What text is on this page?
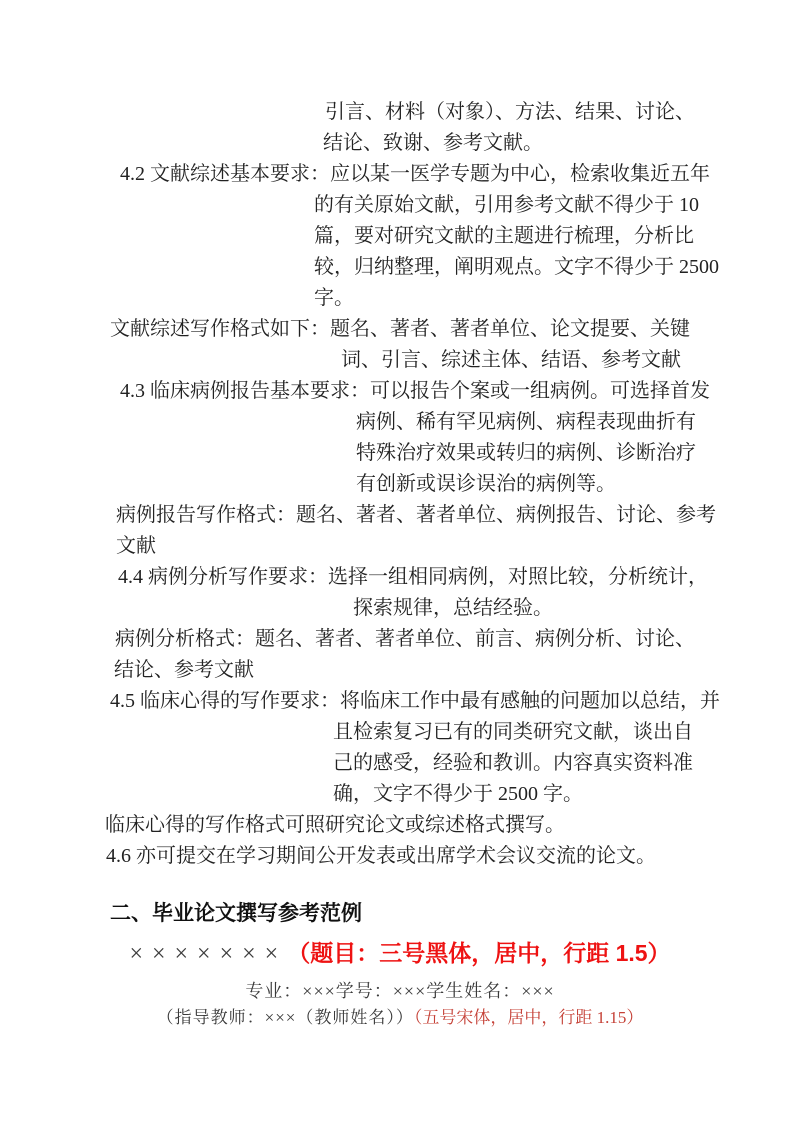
引言、材料（对象）、方法、结果、讨论、
结论、致谢、参考文献。
4.2 文献综述基本要求：应以某一医学专题为中心，检索收集近五年
的有关原始文献，引用参考文献不得少于 10
篇，要对研究文献的主题进行梳理，分析比
较，归纳整理，阐明观点。文字不得少于 2500
字。
文献综述写作格式如下：题名、著者、著者单位、论文提要、关键
词、引言、综述主体、结语、参考文献
4.3 临床病例报告基本要求：可以报告个案或一组病例。可选择首发
病例、稀有罕见病例、病程表现曲折有
特殊治疗效果或转归的病例、诊断治疗
有创新或误诊误治的病例等。
病例报告写作格式：题名、著者、著者单位、病例报告、讨论、参考
文献
4.4 病例分析写作要求：选择一组相同病例，对照比较，分析统计，
探索规律，总结经验。
病例分析格式：题名、著者、著者单位、前言、病例分析、讨论、
结论、参考文献
4.5 临床心得的写作要求：将临床工作中最有感触的问题加以总结，并
且检索复习已有的同类研究文献，谈出自
己的感受，经验和教训。内容真实资料准
确，文字不得少于 2500 字。
临床心得的写作格式可照研究论文或综述格式撰写。
4.6 亦可提交在学习期间公开发表或出席学术会议交流的论文。
二、毕业论文撰写参考范例
×××××××（题目：三号黑体，居中，行距 1.5）
专业：×××学号：×××学生姓名：×××
（指导教师：×××（教师姓名））（五号宋体，居中，行距 1.15）
